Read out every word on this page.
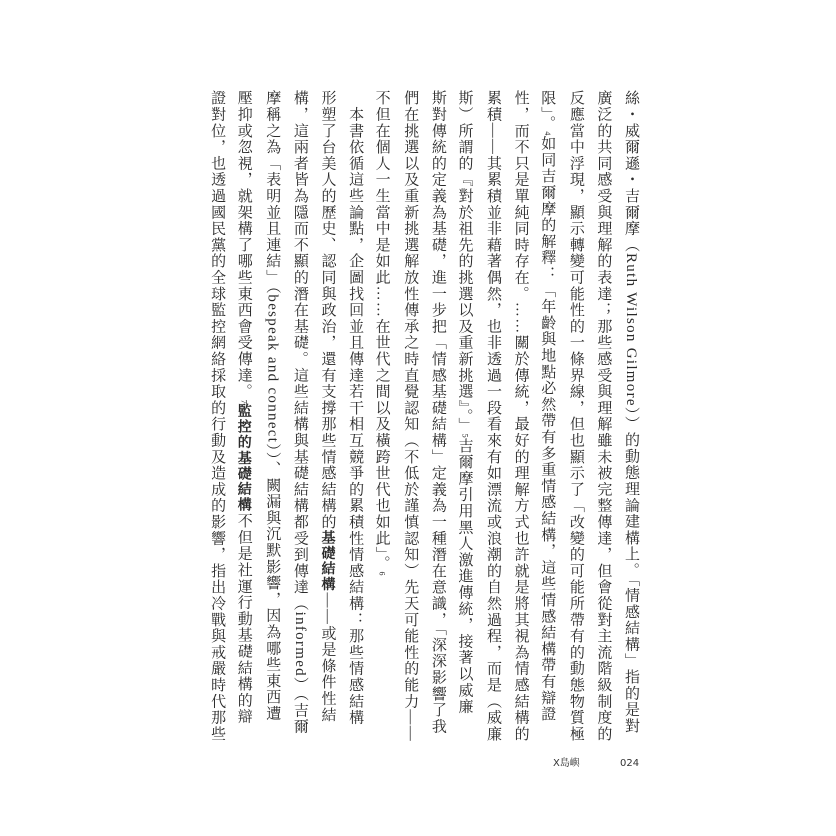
絲・威爾遜・吉爾摩（Ruth Wilson Gilmore））的動態理論建構上。「情感結構」指的是對
廣泛的共同感受與理解的表達；那些感受與理解雖未被完整傳達，但會從對主流階級制度的
反應當中浮現，顯示轉變可能性的一條界線，但也顯示了「改變的可能所帶有的動態物質極
限」。4如同吉爾摩的解釋：「年齡與地點必然帶有多重情感結構，這些情感結構帶有辯證
性，而不只是單純同時存在。……關於傳統，最好的理解方式也許就是將其視為情感結構的
累積——其累積並非藉著偶然，也非透過一段看來有如漂流或浪潮的自然過程，而是（威廉
斯）所謂的『對於祖先的挑選以及重新挑選』。」5吉爾摩引用黑人激進傳統，接著以威廉
斯對傳統的定義為基礎，進一步把「情感基礎結構」定義為一種潛在意識，「深深影響了我
們在挑選以及重新挑選解放性傳承之時直覺認知（不低於謹慎認知）先天可能性的能力——
不但在個人一生當中是如此……在世代之間以及橫跨世代也如此」。6
　本書依循這些論點，企圖找回並且傳達若干相互競爭的累積性情感結構：那些情感結構
形塑了台美人的歷史、認同與政治，還有支撐那些情感結構的基礎結構——或是條件性結
構，這兩者皆為隱而不顯的潛在基礎。這些結構與基礎結構都受到傳達（informed）（吉爾
摩稱之為「表明並且連結」（bespeak and connect））、闕漏與沉默影響，因為哪些東西遭
壓抑或忽視，就架構了哪些東西會受傳達。7監控的基礎結構不但是社運行動基礎結構的辯
證對位，也透過國民黨的全球監控網絡採取的行動及造成的影響，指出冷戰與戒嚴時代那些
X島嶼	024
